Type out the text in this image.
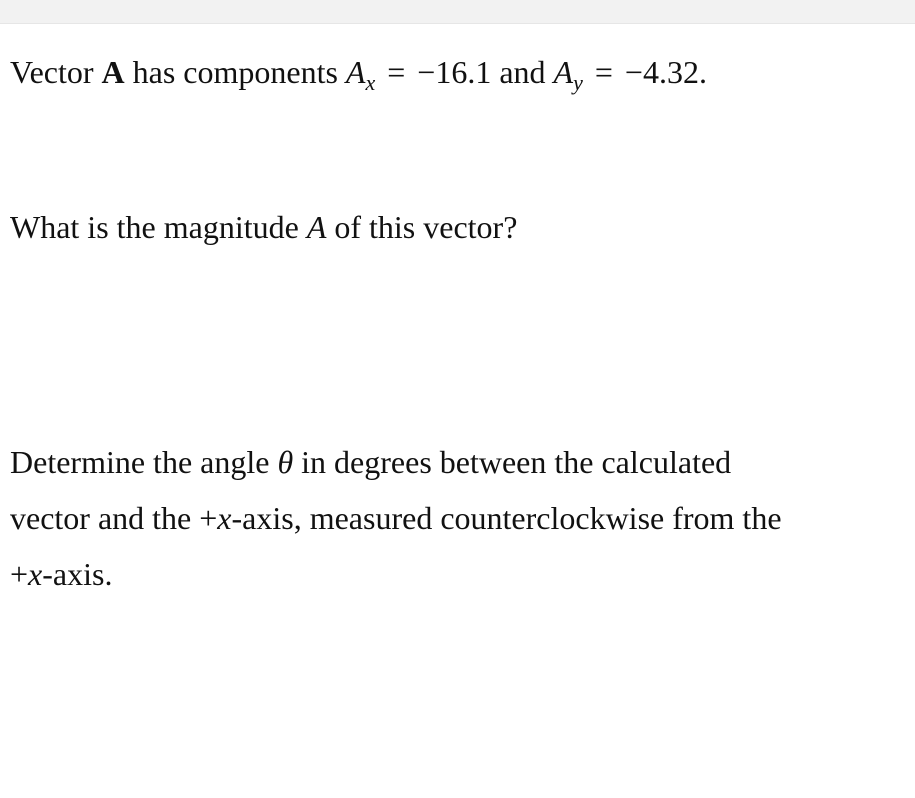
Vector A has components $A_x = -16.1$ and $A_y = -4.32$.
What is the magnitude A of this vector?
Determine the angle θ in degrees between the calculated
vector and the +x-axis, measured counterclockwise from the
+x-axis.
